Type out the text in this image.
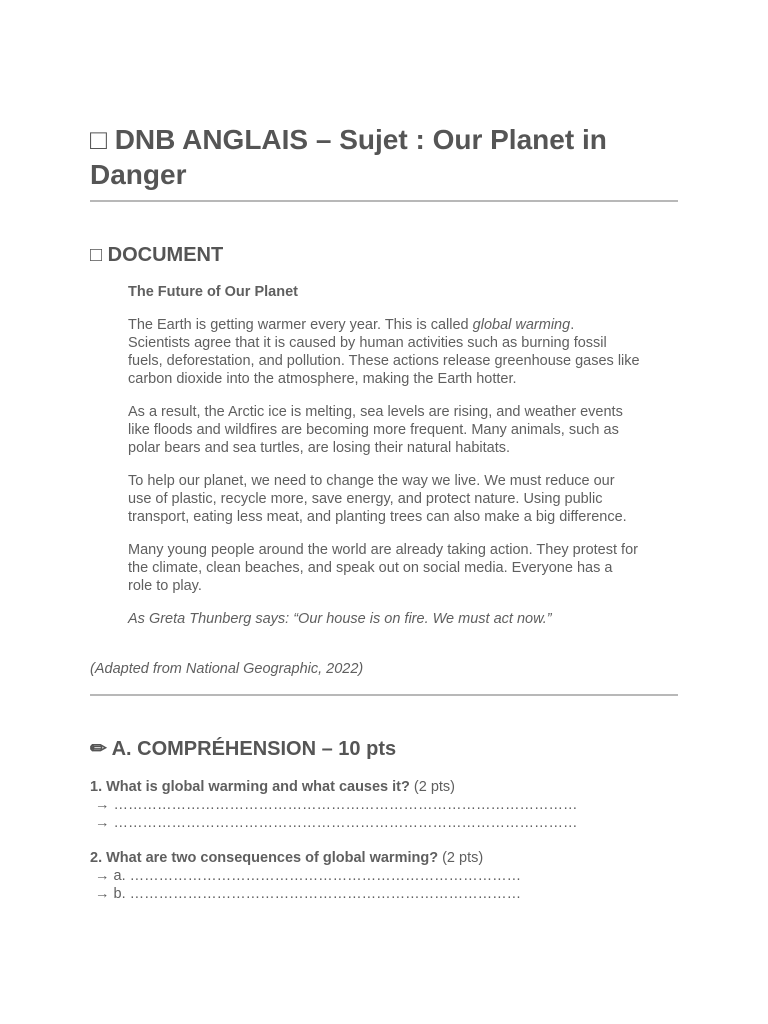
□ DNB ANGLAIS – Sujet : Our Planet in Danger
□ DOCUMENT

The Future of Our Planet

The Earth is getting warmer every year. This is called global warming. Scientists agree that it is caused by human activities such as burning fossil fuels, deforestation, and pollution. These actions release greenhouse gases like carbon dioxide into the atmosphere, making the Earth hotter.

As a result, the Arctic ice is melting, sea levels are rising, and weather events like floods and wildfires are becoming more frequent. Many animals, such as polar bears and sea turtles, are losing their natural habitats.

To help our planet, we need to change the way we live. We must reduce our use of plastic, recycle more, save energy, and protect nature. Using public transport, eating less meat, and planting trees can also make a big difference.

Many young people around the world are already taking action. They protest for the climate, clean beaches, and speak out on social media. Everyone has a role to play.

As Greta Thunberg says: “Our house is on fire. We must act now.”

(Adapted from National Geographic, 2022)
✏ A. COMPRÉHENSION – 10 pts
1. What is global warming and what causes it? (2 pts)
→ ……………………………………………………………………………………
→ ……………………………………………………………………………………
2. What are two consequences of global warming? (2 pts)
→ a. ………………………………………………………………………
→ b. ………………………………………………………………………
